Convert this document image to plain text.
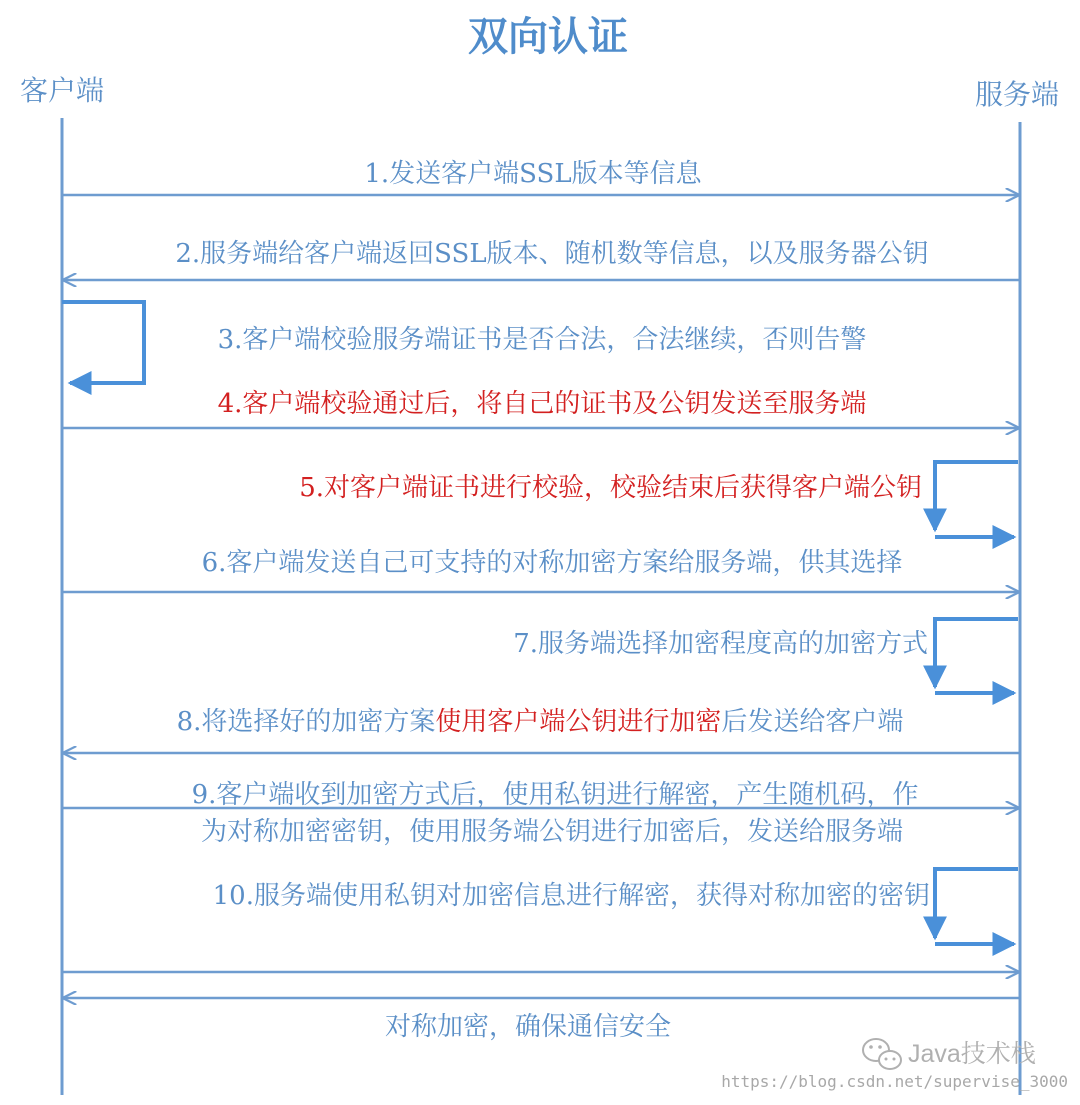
双向认证
客户端	服务端
1.发送客户端SSL版本等信息
2.服务端给客户端返回SSL版本、随机数等信息，以及服务器公钥
3.客户端校验服务端证书是否合法，合法继续，否则告警
4.客户端校验通过后，将自己的证书及公钥发送至服务端
5.对客户端证书进行校验，校验结束后获得客户端公钥
6.客户端发送自己可支持的对称加密方案给服务端，供其选择
7.服务端选择加密程度高的加密方式
8.将选择好的加密方案使用客户端公钥进行加密后发送给客户端
9.客户端收到加密方式后，使用私钥进行解密，产生随机码，作
为对称加密密钥，使用服务端公钥进行加密后，发送给服务端
10.服务端使用私钥对加密信息进行解密，获得对称加密的密钥
对称加密，确保通信安全
Java技术栈
https://blog.csdn.net/supervise_3000
